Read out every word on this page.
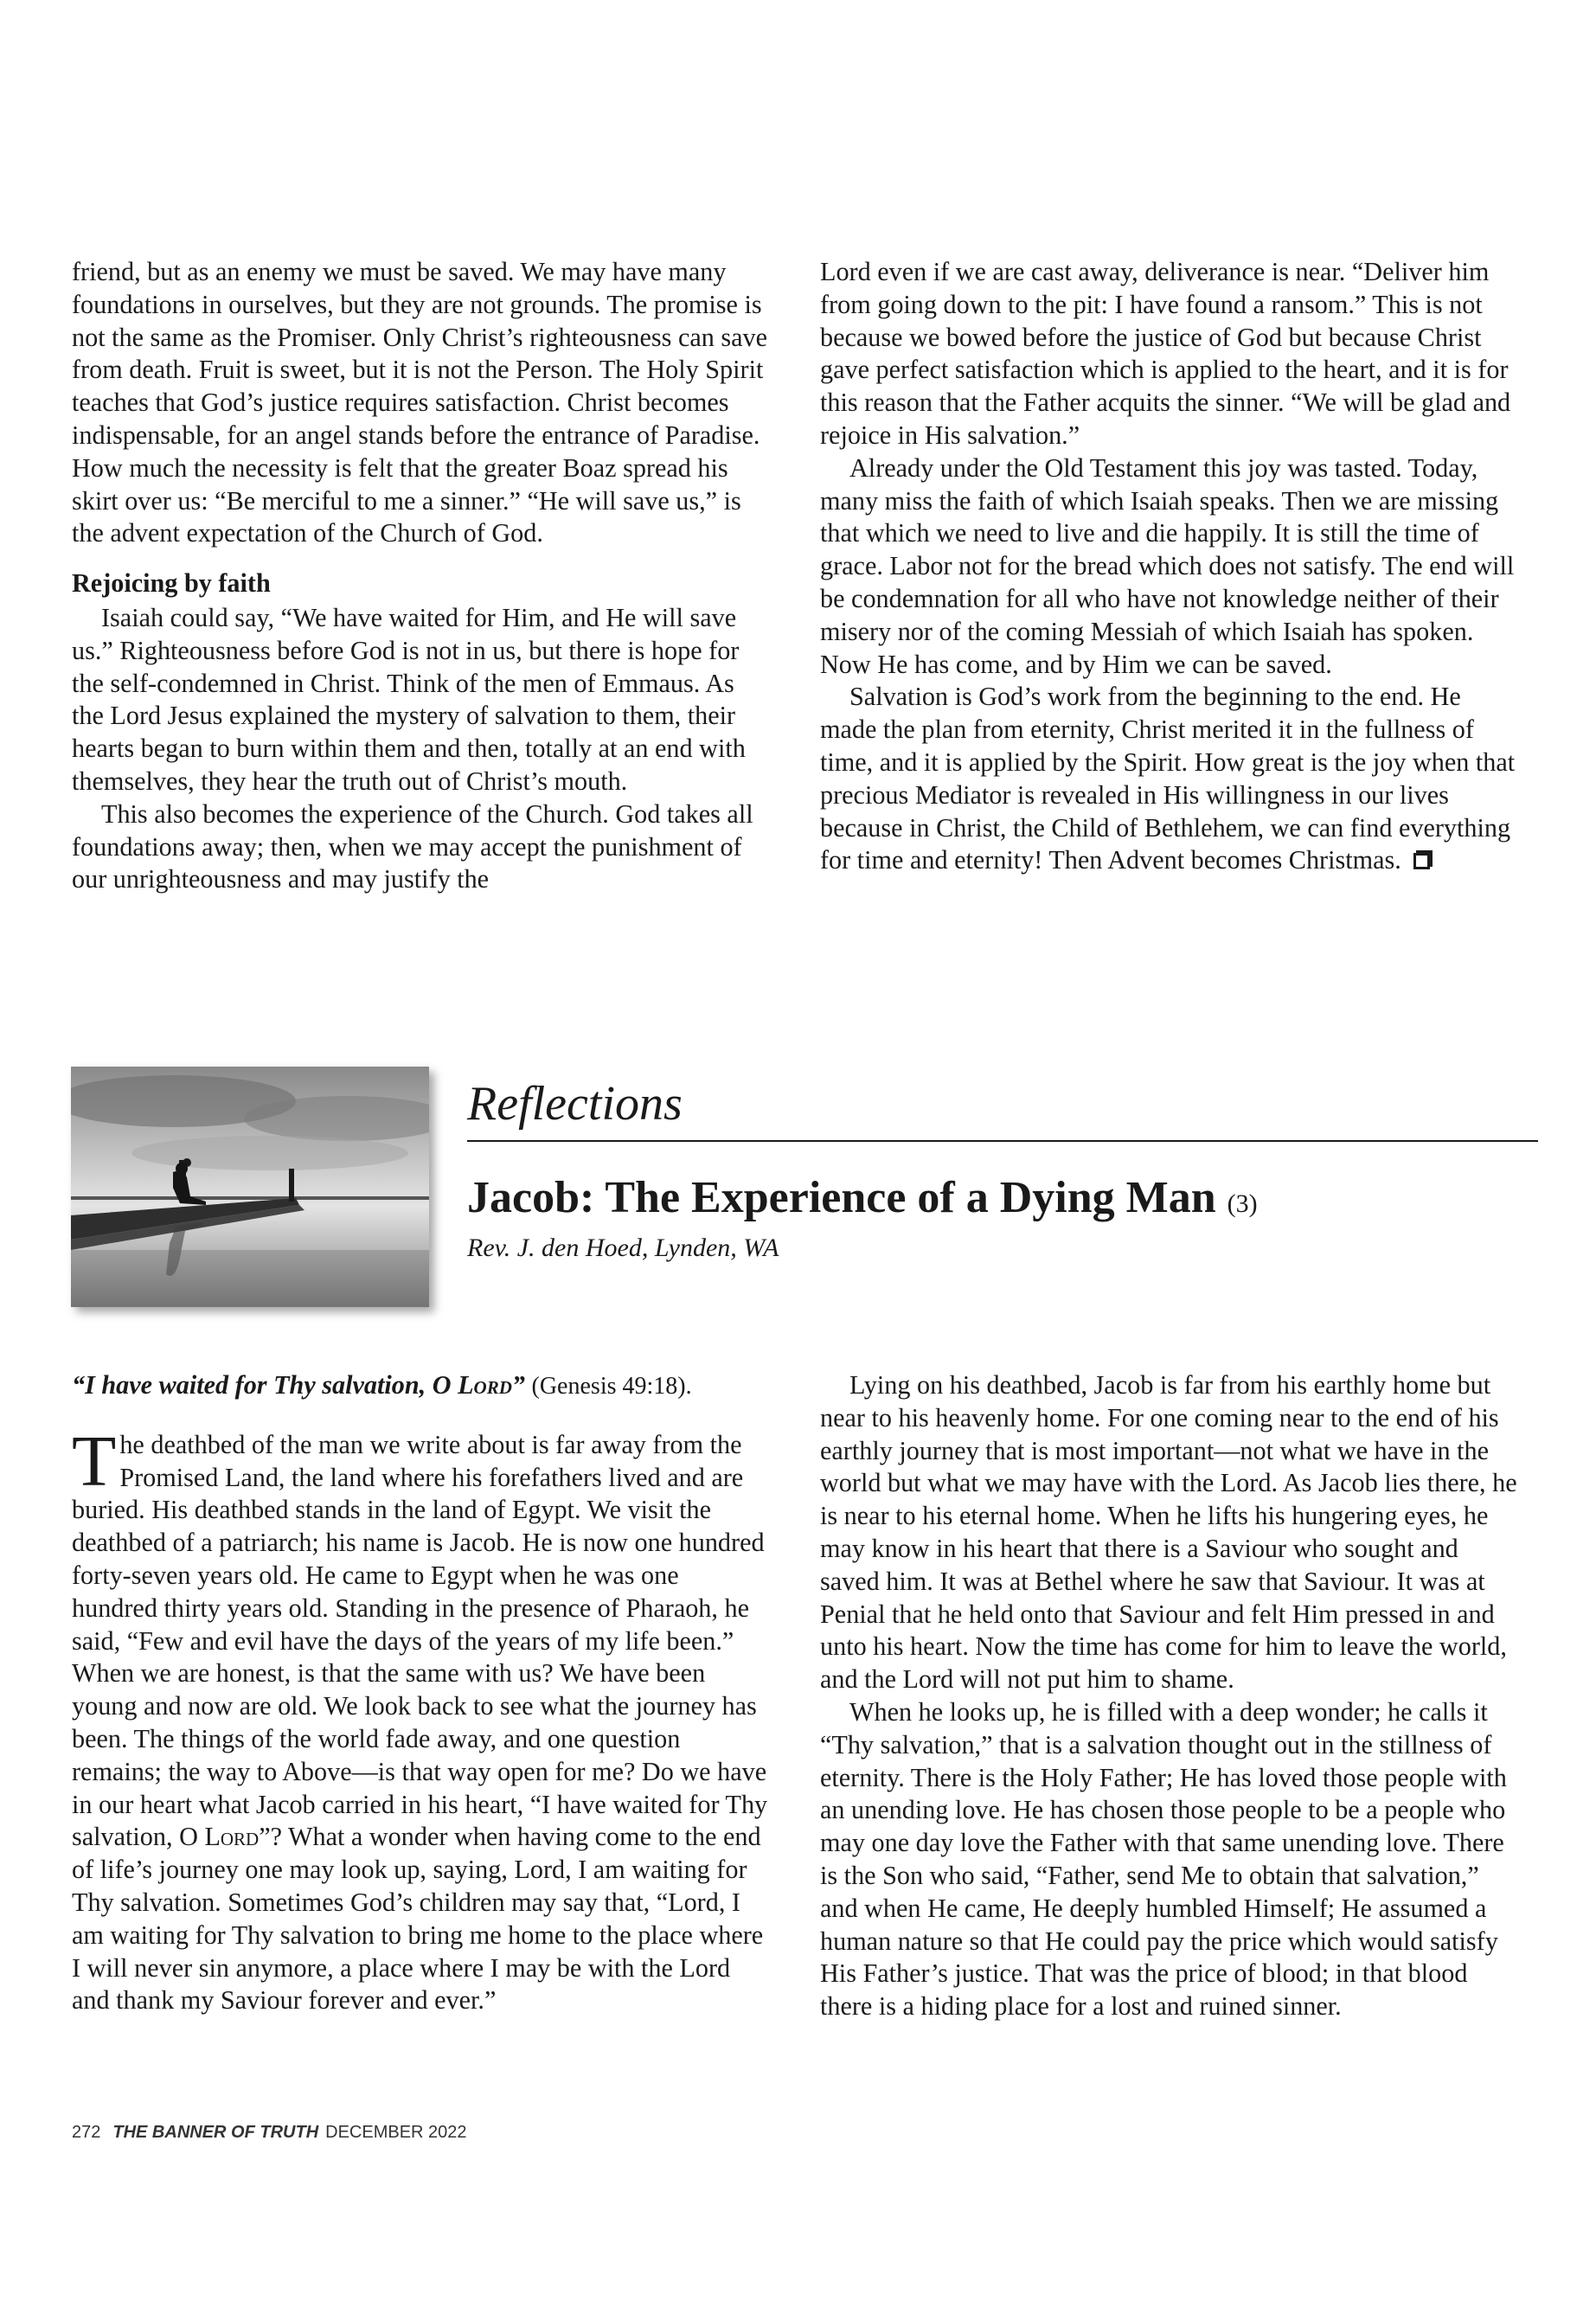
friend, but as an enemy we must be saved. We may have many foundations in ourselves, but they are not grounds. The promise is not the same as the Promiser. Only Christ’s righteousness can save from death. Fruit is sweet, but it is not the Person. The Holy Spirit teaches that God’s justice requires satisfaction. Christ becomes indispensable, for an angel stands before the entrance of Paradise. How much the necessity is felt that the greater Boaz spread his skirt over us: “Be merciful to me a sinner.” “He will save us,” is the advent expectation of the Church of God.

Rejoicing by faith

Isaiah could say, “We have waited for Him, and He will save us.” Righteousness before God is not in us, but there is hope for the self-condemned in Christ. Think of the men of Emmaus. As the Lord Jesus explained the mystery of salvation to them, their hearts began to burn within them and then, totally at an end with themselves, they hear the truth out of Christ’s mouth.

This also becomes the experience of the Church. God takes all foundations away; then, when we may accept the punishment of our unrighteousness and may justify the

Lord even if we are cast away, deliverance is near. “Deliver him from going down to the pit: I have found a ransom.” This is not because we bowed before the justice of God but because Christ gave perfect satisfaction which is applied to the heart, and it is for this reason that the Father acquits the sinner. “We will be glad and rejoice in His salvation.”

Already under the Old Testament this joy was tasted. Today, many miss the faith of which Isaiah speaks. Then we are missing that which we need to live and die happily. It is still the time of grace. Labor not for the bread which does not satisfy. The end will be condemnation for all who have not knowledge neither of their misery nor of the coming Messiah of which Isaiah has spoken. Now He has come, and by Him we can be saved.

Salvation is God’s work from the beginning to the end. He made the plan from eternity, Christ merited it in the fullness of time, and it is applied by the Spirit. How great is the joy when that precious Mediator is revealed in His willingness in our lives because in Christ, the Child of Bethlehem, we can find everything for time and eternity! Then Advent becomes Christmas.

Reflections
Jacob: The Experience of a Dying Man (3)
Rev. J. den Hoed, Lynden, WA

“I have waited for Thy salvation, O Lord” (Genesis 49:18).

The deathbed of the man we write about is far away from the Promised Land, the land where his forefathers lived and are buried. His deathbed stands in the land of Egypt. We visit the deathbed of a patriarch; his name is Jacob. He is now one hundred forty-seven years old. He came to Egypt when he was one hundred thirty years old. Standing in the presence of Pharaoh, he said, “Few and evil have the days of the years of my life been.” When we are honest, is that the same with us? We have been young and now are old. We look back to see what the journey has been. The things of the world fade away, and one question remains; the way to Above—is that way open for me? Do we have in our heart what Jacob carried in his heart, “I have waited for Thy salvation, O Lord”? What a wonder when having come to the end of life’s journey one may look up, saying, Lord, I am waiting for Thy salvation. Sometimes God’s children may say that, “Lord, I am waiting for Thy salvation to bring me home to the place where I will never sin anymore, a place where I may be with the Lord and thank my Saviour forever and ever.”

Lying on his deathbed, Jacob is far from his earthly home but near to his heavenly home. For one coming near to the end of his earthly journey that is most important—not what we have in the world but what we may have with the Lord. As Jacob lies there, he is near to his eternal home. When he lifts his hungering eyes, he may know in his heart that there is a Saviour who sought and saved him. It was at Bethel where he saw that Saviour. It was at Penial that he held onto that Saviour and felt Him pressed in and unto his heart. Now the time has come for him to leave the world, and the Lord will not put him to shame.

When he looks up, he is filled with a deep wonder; he calls it “Thy salvation,” that is a salvation thought out in the stillness of eternity. There is the Holy Father; He has loved those people with an unending love. He has chosen those people to be a people who may one day love the Father with that same unending love. There is the Son who said, “Father, send Me to obtain that salvation,” and when He came, He deeply humbled Himself; He assumed a human nature so that He could pay the price which would satisfy His Father’s justice. That was the price of blood; in that blood there is a hiding place for a lost and ruined sinner.

272 THE BANNER OF TRUTH DECEMBER 2022
